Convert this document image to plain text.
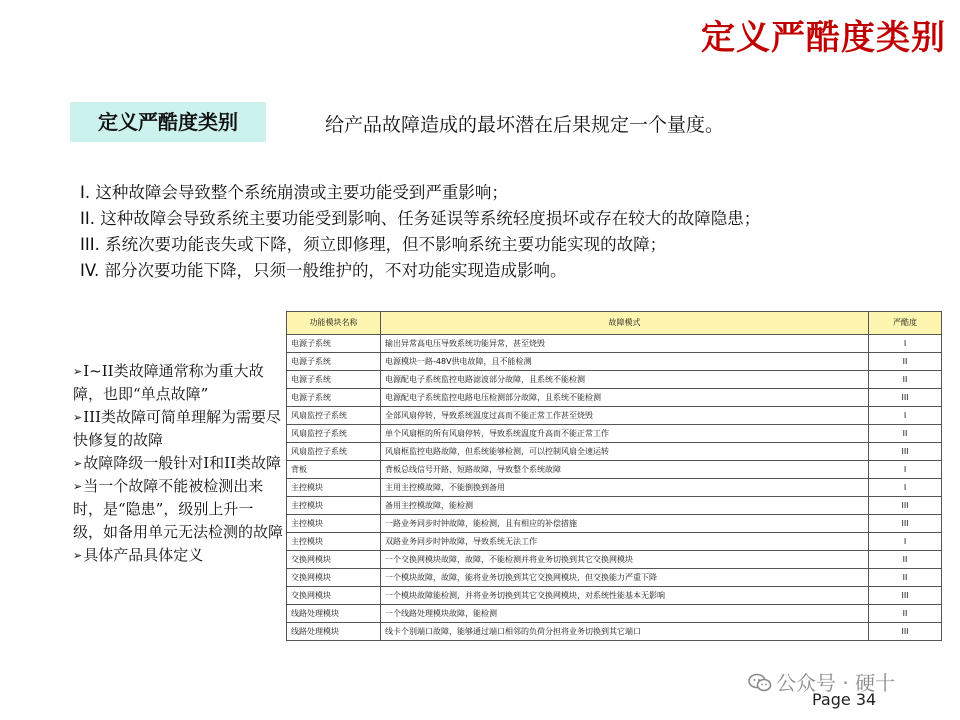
定义严酷度类别
定义严酷度类别	给产品故障造成的最坏潜在后果规定一个量度。

I. 这种故障会导致整个系统崩溃或主要功能受到严重影响；

II. 这种故障会导致系统主要功能受到影响、任务延误等系统轻度损坏或存在较大的故障隐患；

III. 系统次要功能丧失或下降，须立即修理，但不影响系统主要功能实现的故障；

IV. 部分次要功能下降，只须一般维护的，不对功能实现造成影响。

➢I~II类故障通常称为重大故障，也即“单点故障”

➢III类故障可简单理解为需要尽快修复的故障

➢故障降级一般针对I和II类故障

➢当一个故障不能被检测出来时，是“隐患”，级别上升一级，如备用单元无法检测的故障

➢具体产品具体定义

功能模块名称	故障模式	严酷度
电源子系统	输出异常高电压导致系统功能异常，甚至烧毁	I
电源子系统	电源模块一路-48V供电故障，且不能检测	II
电源子系统	电源配电子系统监控电路滤波部分故障，且系统不能检测	II
电源子系统	电源配电子系统监控电路电压检测部分故障，且系统不能检测	III
风扇监控子系统	全部风扇停转，导致系统温度过高而不能正常工作甚至烧毁	I
风扇监控子系统	单个风扇框的所有风扇停转，导致系统温度升高而不能正常工作	II
风扇监控子系统	风扇框监控电路故障，但系统能够检测，可以控制风扇全速运转	III
背板	背板总线信号开路、短路故障，导致整个系统故障	I
主控模块	主用主控模故障，不能倒换到备用	I
主控模块	备用主控模故障，能检测	III
主控模块	一路业务同步时钟故障，能检测，且有相应的补偿措施	III
主控模块	双路业务同步时钟故障，导致系统无法工作	I
交换网模块	一个交换网模块故障，故障，不能检测并将业务切换到其它交换网模块	II
交换网模块	一个模块故障，故障，能将业务切换到其它交换网模块，但交换能力严重下降	II
交换网模块	一个模块故障能检测，并将业务切换到其它交换网模块，对系统性能基本无影响	III
线路处理模块	一个线路处理模块故障，能检测	II
线路处理模块	线卡个别端口故障，能够通过端口相邻的负荷分担将业务切换到其它端口	III
公众号 · 硬十
Page 34
